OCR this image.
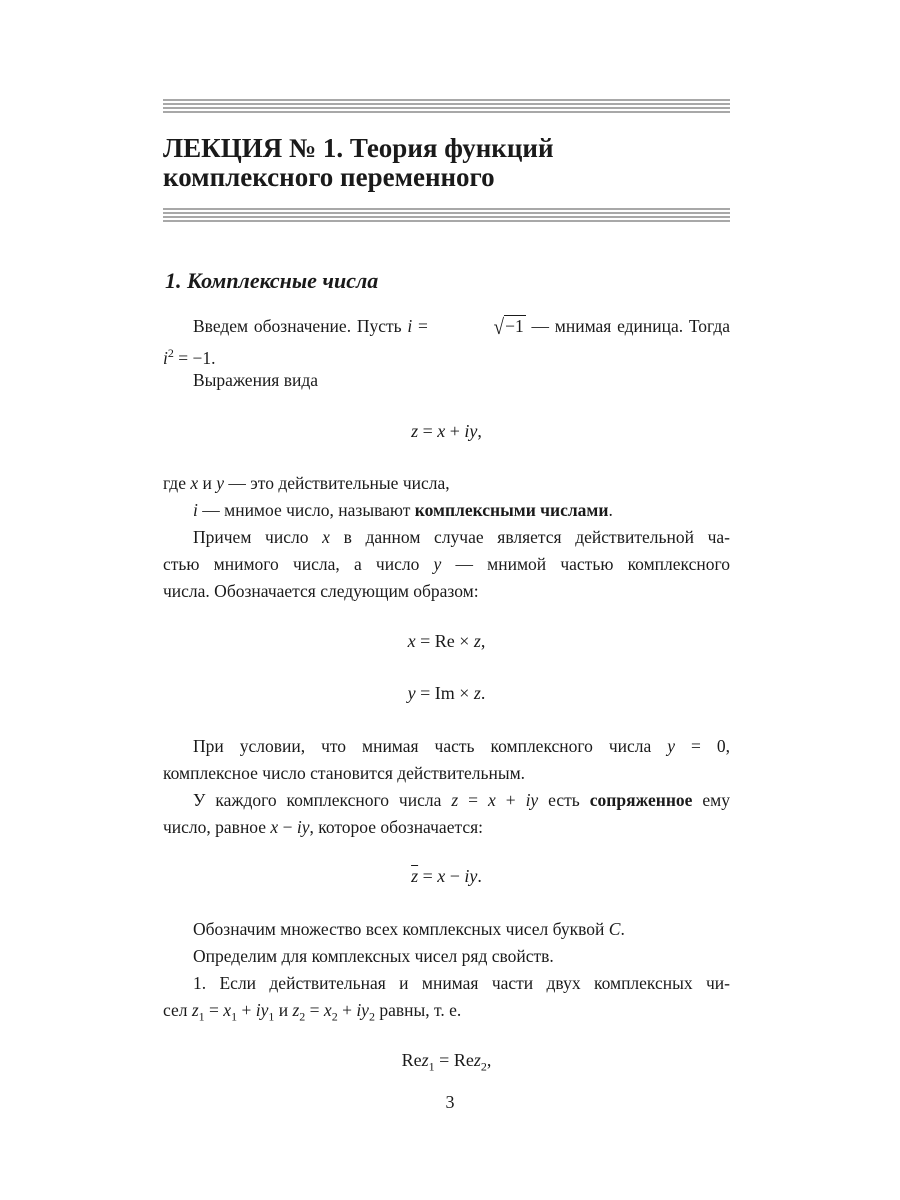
ЛЕКЦИЯ № 1. Теория функций
комплексного переменного
1. Комплексные числа

Введем обозначение. Пусть i =	√−1 — мнимая единица. Тогда

$i^2 = -1$.

Выражения вида

z = x + iy,

где x и y — это действительные числа,

i — мнимое число, называют комплексными числами.

Причем число x в данном случае является действительной ча-

стью мнимого числа, а число y — мнимой частью комплексного

числа. Обозначается следующим образом:

x = Re × z,
y = Im × z.

При условии, что мнимая часть комплексного числа y = 0,

комплексное число становится действительным.

У каждого комплексного числа z = x + iy есть сопряженное ему

число, равное x − iy, которое обозначается:

$\overline{z} = x$ − iy.

Обозначим множество всех комплексных чисел буквой C.

Определим для комплексных чисел ряд свойств.

1. Если действительная и мнимая части двух комплексных чи-

сел $z_1 = x_1 + iy_1$ и $z_2 = x_2 + iy_2$ равны, т. е.

Rez$_1$ = Rez$_2$,
3
